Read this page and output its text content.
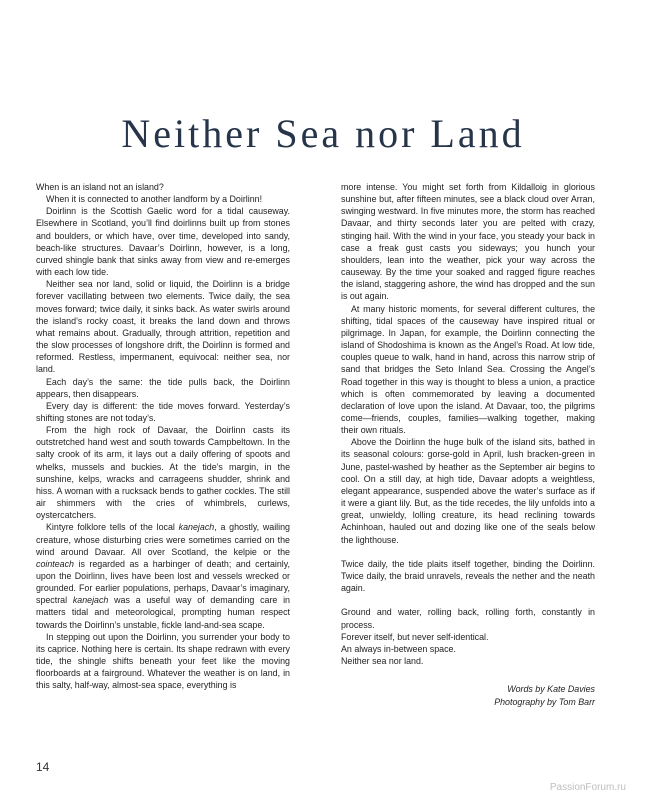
Neither Sea nor Land

When is an island not an island?

When it is connected to another landform by a Doirlinn!

Doirlinn is the Scottish Gaelic word for a tidal causeway. Elsewhere in Scotland, you’ll find doirlinns built up from stones and boulders, or which have, over time, developed into sandy, beach-like structures. Davaar’s Doirlinn, however, is a long, curved shingle bank that sinks away from view and re-emerges with each low tide.

Neither sea nor land, solid or liquid, the Doirlinn is a bridge forever vacillating between two elements. Twice daily, the sea moves forward; twice daily, it sinks back. As water swirls around the island’s rocky coast, it breaks the land down and throws what remains about. Gradually, through attrition, repetition and the slow processes of longshore drift, the Doirlinn is formed and reformed. Restless, impermanent, equivocal: neither sea, nor land.

Each day’s the same: the tide pulls back, the Doirlinn appears, then disappears.

Every day is different: the tide moves forward. Yesterday’s shifting stones are not today’s.

From the high rock of Davaar, the Doirlinn casts its outstretched hand west and south towards Campbeltown. In the salty crook of its arm, it lays out a daily offering of spoots and whelks, mussels and buckies. At the tide’s margin, in the sunshine, kelps, wracks and carrageens shudder, shrink and hiss. A woman with a rucksack bends to gather cockles. The still air shimmers with the cries of whimbrels, curlews, oystercatchers.

Kintyre folklore tells of the local kanejach, a ghostly, wailing creature, whose disturbing cries were sometimes carried on the wind around Davaar. All over Scotland, the kelpie or the cointeach is regarded as a harbinger of death; and certainly, upon the Doirlinn, lives have been lost and vessels wrecked or grounded. For earlier populations, perhaps, Davaar’s imaginary, spectral kanejach was a useful way of demanding care in matters tidal and meteorological, prompting human respect towards the Doirlinn’s unstable, fickle land-and-sea scape.

In stepping out upon the Doirlinn, you surrender your body to its caprice. Nothing here is certain. Its shape redrawn with every tide, the shingle shifts beneath your feet like the moving floorboards at a fairground. Whatever the weather is on land, in this salty, half-way, almost-sea space, everything is

more intense. You might set forth from Kildalloig in glorious sunshine but, after fifteen minutes, see a black cloud over Arran, swinging westward. In five minutes more, the storm has reached Davaar, and thirty seconds later you are pelted with crazy, stinging hail. With the wind in your face, you steady your back in case a freak gust casts you sideways; you hunch your shoulders, lean into the weather, pick your way across the causeway. By the time your soaked and ragged figure reaches the island, staggering ashore, the wind has dropped and the sun is out again.

At many historic moments, for several different cultures, the shifting, tidal spaces of the causeway have inspired ritual or pilgrimage. In Japan, for example, the Doirlinn connecting the island of Shodoshima is known as the Angel’s Road. At low tide, couples queue to walk, hand in hand, across this narrow strip of sand that bridges the Seto Inland Sea. Crossing the Angel’s Road together in this way is thought to bless a union, a practice which is often commemorated by leaving a documented declaration of love upon the island. At Davaar, too, the pilgrims come—friends, couples, families—walking together, making their own rituals.

Above the Doirlinn the huge bulk of the island sits, bathed in its seasonal colours: gorse-gold in April, lush bracken-green in June, pastel-washed by heather as the September air begins to cool. On a still day, at high tide, Davaar adopts a weightless, elegant appearance, suspended above the water’s surface as if it were a giant lily. But, as the tide recedes, the lily unfolds into a great, unwieldy, lolling creature, its head reclining towards Achinhoan, hauled out and dozing like one of the seals below the lighthouse.

Twice daily, the tide plaits itself together, binding the Doirlinn. Twice daily, the braid unravels, reveals the nether and the neath again.

Ground and water, rolling back, rolling forth, constantly in process.

Forever itself, but never self-identical.

An always in-between space.

Neither sea nor land.

Words by Kate Davies
Photography by Tom Barr
14
PassionForum.ru
